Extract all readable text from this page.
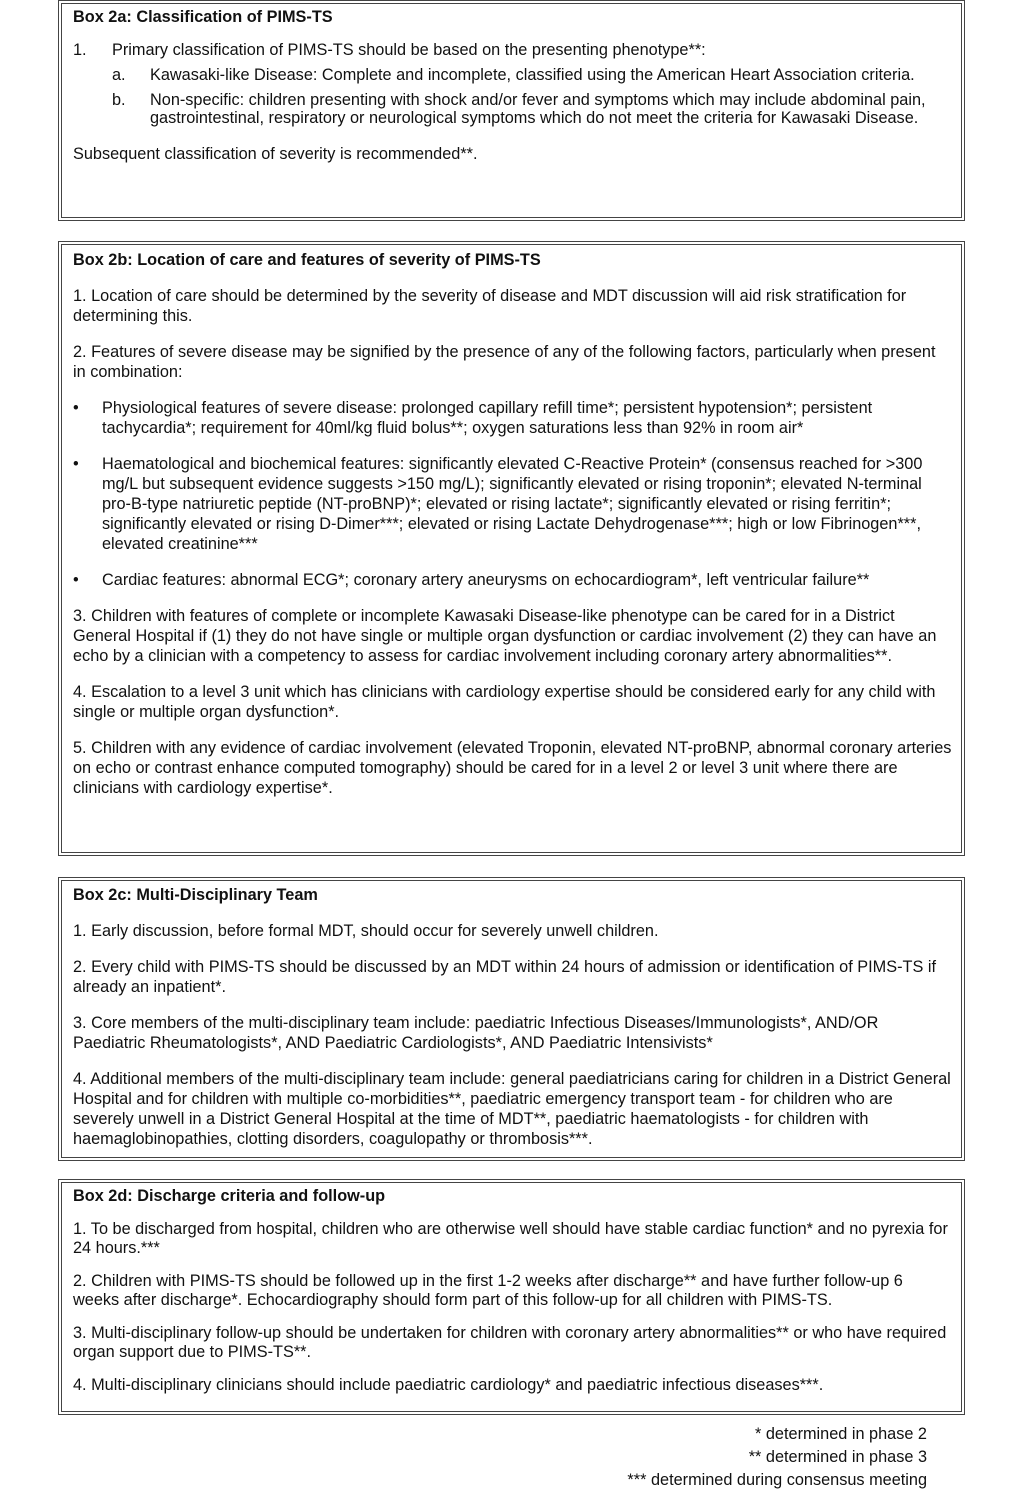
Box 2a: Classification of PIMS-TS

1. Primary classification of PIMS-TS should be based on the presenting phenotype**:
a. Kawasaki-like Disease: Complete and incomplete, classified using the American Heart Association criteria.
b. Non-specific: children presenting with shock and/or fever and symptoms which may include abdominal pain, gastrointestinal, respiratory or neurological symptoms which do not meet the criteria for Kawasaki Disease.

Subsequent classification of severity is recommended**.

Box 2b: Location of care and features of severity of PIMS-TS

1. Location of care should be determined by the severity of disease and MDT discussion will aid risk stratification for determining this.

2. Features of severe disease may be signified by the presence of any of the following factors, particularly when present in combination:

• Physiological features of severe disease: prolonged capillary refill time*; persistent hypotension*; persistent tachycardia*; requirement for 40ml/kg fluid bolus**; oxygen saturations less than 92% in room air*
• Haematological and biochemical features: significantly elevated C-Reactive Protein* (consensus reached for >300 mg/L but subsequent evidence suggests >150 mg/L); significantly elevated or rising troponin*; elevated N-terminal pro-B-type natriuretic peptide (NT-proBNP)*; elevated or rising lactate*; significantly elevated or rising ferritin*; significantly elevated or rising D-Dimer***; elevated or rising Lactate Dehydrogenase***; high or low Fibrinogen***, elevated creatinine***
• Cardiac features: abnormal ECG*; coronary artery aneurysms on echocardiogram*, left ventricular failure**

3. Children with features of complete or incomplete Kawasaki Disease-like phenotype can be cared for in a District General Hospital if (1) they do not have single or multiple organ dysfunction or cardiac involvement (2) they can have an echo by a clinician with a competency to assess for cardiac involvement including coronary artery abnormalities**.

4. Escalation to a level 3 unit which has clinicians with cardiology expertise should be considered early for any child with single or multiple organ dysfunction*.

5. Children with any evidence of cardiac involvement (elevated Troponin, elevated NT-proBNP, abnormal coronary arteries on echo or contrast enhance computed tomography) should be cared for in a level 2 or level 3 unit where there are clinicians with cardiology expertise*.

Box 2c: Multi-Disciplinary Team

1. Early discussion, before formal MDT, should occur for severely unwell children.

2. Every child with PIMS-TS should be discussed by an MDT within 24 hours of admission or identification of PIMS-TS if already an inpatient*.

3. Core members of the multi-disciplinary team include: paediatric Infectious Diseases/Immunologists*, AND/OR Paediatric Rheumatologists*, AND Paediatric Cardiologists*, AND Paediatric Intensivists*

4. Additional members of the multi-disciplinary team include: general paediatricians caring for children in a District General Hospital and for children with multiple co-morbidities**, paediatric emergency transport team - for children who are severely unwell in a District General Hospital at the time of MDT**, paediatric haematologists - for children with haemaglobinopathies, clotting disorders, coagulopathy or thrombosis***.

Box 2d: Discharge criteria and follow-up

1. To be discharged from hospital, children who are otherwise well should have stable cardiac function* and no pyrexia for 24 hours.***

2. Children with PIMS-TS should be followed up in the first 1-2 weeks after discharge** and have further follow-up 6 weeks after discharge*. Echocardiography should form part of this follow-up for all children with PIMS-TS.

3. Multi-disciplinary follow-up should be undertaken for children with coronary artery abnormalities** or who have required organ support due to PIMS-TS**.

4. Multi-disciplinary clinicians should include paediatric cardiology* and paediatric infectious diseases***.

* determined in phase 2
** determined in phase 3
*** determined during consensus meeting
